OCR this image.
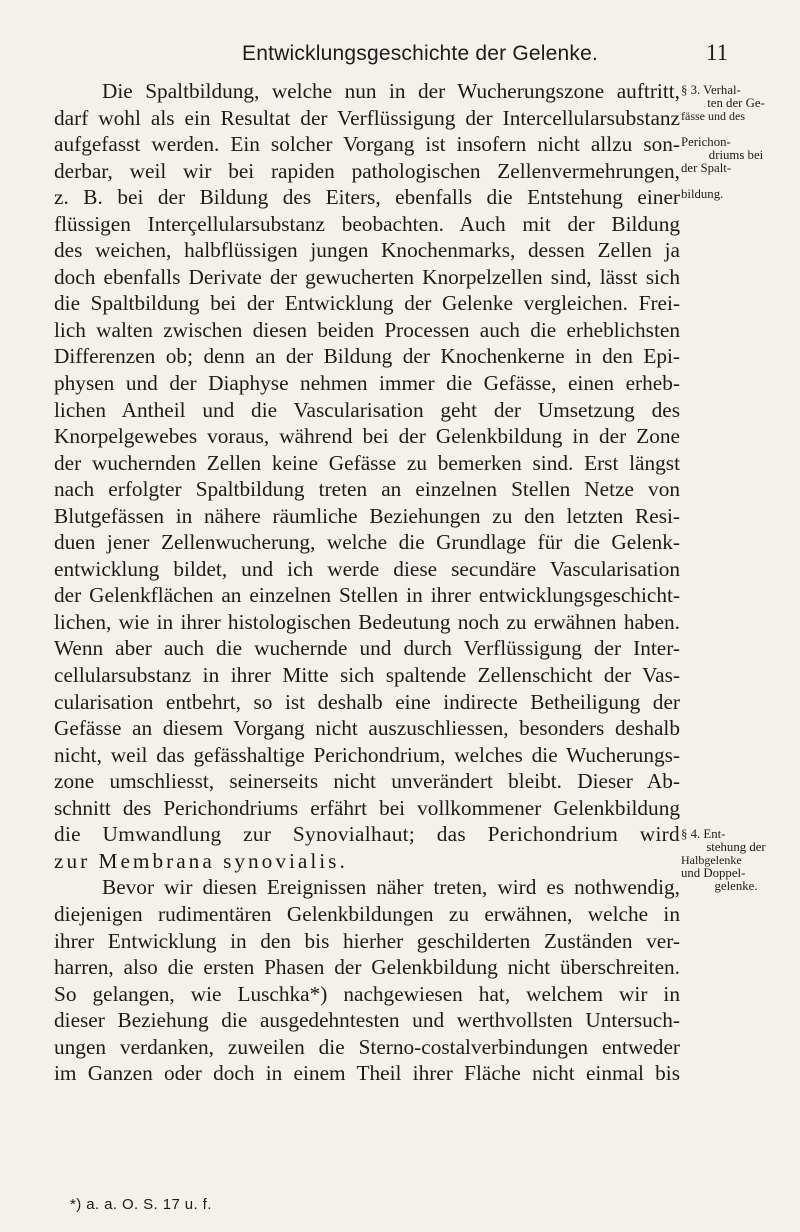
Entwicklungsgeschichte der Gelenke.	11
Die Spaltbildung, welche nun in der Wucherungszone auftritt,
darf wohl als ein Resultat der Verflüssigung der Intercellularsubstanz
aufgefasst werden. Ein solcher Vorgang ist insofern nicht allzu son-
derbar, weil wir bei rapiden pathologischen Zellenvermehrungen,
z. B. bei der Bildung des Eiters, ebenfalls die Entstehung einer
flüssigen Interçellularsubstanz beobachten. Auch mit der Bildung
des weichen, halbflüssigen jungen Knochenmarks, dessen Zellen ja
doch ebenfalls Derivate der gewucherten Knorpelzellen sind, lässt sich
die Spaltbildung bei der Entwicklung der Gelenke vergleichen. Frei-
lich walten zwischen diesen beiden Processen auch die erheblichsten
Differenzen ob; denn an der Bildung der Knochenkerne in den Epi-
physen und der Diaphyse nehmen immer die Gefässe, einen erheb-
lichen Antheil und die Vascularisation geht der Umsetzung des
Knorpelgewebes voraus, während bei der Gelenkbildung in der Zone
der wuchernden Zellen keine Gefässe zu bemerken sind. Erst längst
nach erfolgter Spaltbildung treten an einzelnen Stellen Netze von
Blutgefässen in nähere räumliche Beziehungen zu den letzten Resi-
duen jener Zellenwucherung, welche die Grundlage für die Gelenk-
entwicklung bildet, und ich werde diese secundäre Vascularisation
der Gelenkflächen an einzelnen Stellen in ihrer entwicklungsgeschicht-
lichen, wie in ihrer histologischen Bedeutung noch zu erwähnen haben.
Wenn aber auch die wuchernde und durch Verflüssigung der Inter-
cellularsubstanz in ihrer Mitte sich spaltende Zellenschicht der Vas-
cularisation entbehrt, so ist deshalb eine indirecte Betheiligung der
Gefässe an diesem Vorgang nicht auszuschliessen, besonders deshalb
nicht, weil das gefässhaltige Perichondrium, welches die Wucherungs-
zone umschliesst, seinerseits nicht unverändert bleibt. Dieser Ab-
schnitt des Perichondriums erfährt bei vollkommener Gelenkbildung
die Umwandlung zur Synovialhaut; das Perichondrium wird
zur Membrana synovialis.
Bevor wir diesen Ereignissen näher treten, wird es nothwendig,
diejenigen rudimentären Gelenkbildungen zu erwähnen, welche in
ihrer Entwicklung in den bis hierher geschilderten Zuständen ver-
harren, also die ersten Phasen der Gelenkbildung nicht überschreiten.
So gelangen, wie Luschka*) nachgewiesen hat, welchem wir in
dieser Beziehung die ausgedehntesten und werthvollsten Untersuch-
ungen verdanken, zuweilen die Sterno-costalverbindungen entweder
im Ganzen oder doch in einem Theil ihrer Fläche nicht einmal bis
§ 3. Verhal-
ten der Ge-
fässe und des
Perichon-
driums bei
der Spalt-
bildung.
§ 4. Ent-
stehung der
Halbgelenke
und Doppel-
gelenke.
*) a. a. O. S. 17 u. f.
